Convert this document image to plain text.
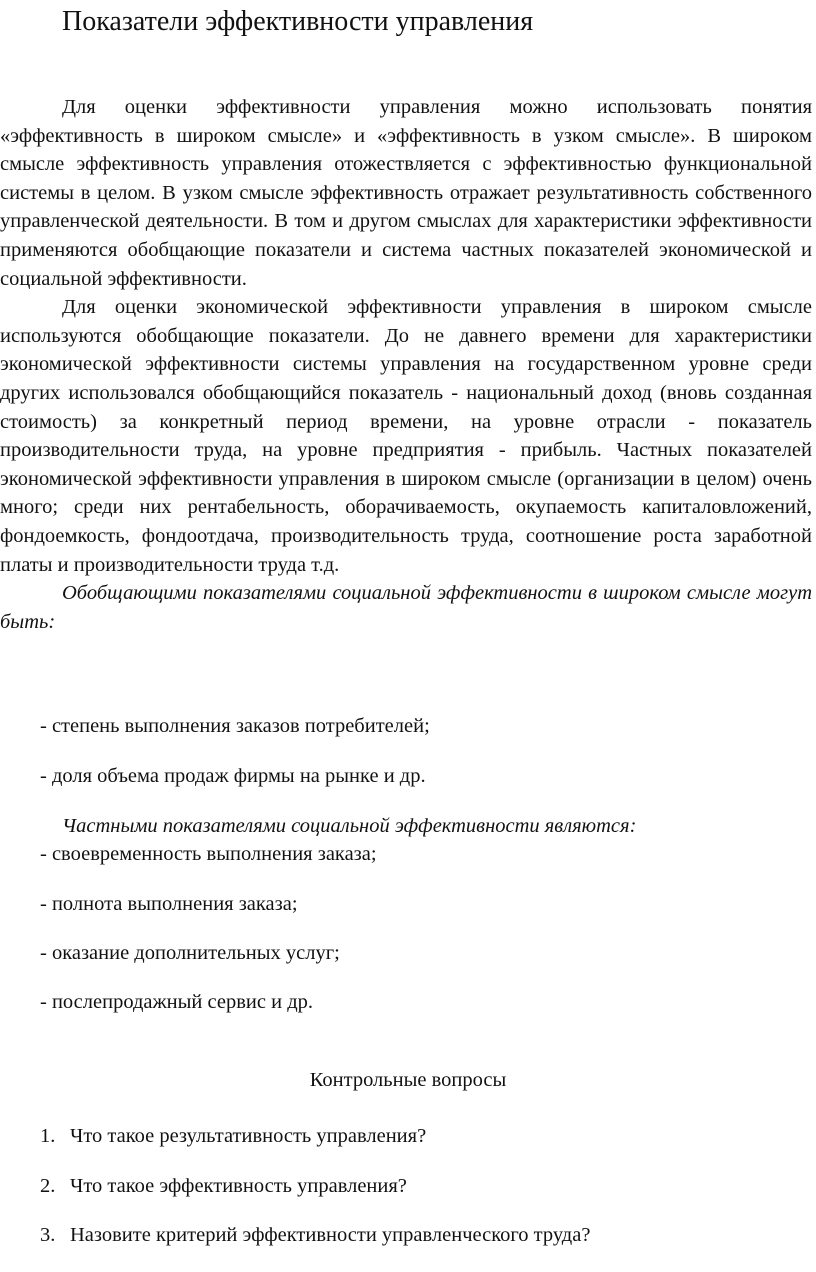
Показатели эффективности управления

Для оценки эффективности управления можно использовать понятия «эффективность в широком смысле» и «эффективность в узком смысле». В широком смысле эффективность управления отожествляется с эффективностью функциональной системы в целом. В узком смысле эффективность отражает результативность собственного управленческой деятельности. В том и другом смыслах для характеристики эффективности применяются обобщающие показатели и система частных показателей экономической и социальной эффективности.

Для оценки экономической эффективности управления в широком смысле используются обобщающие показатели. До не давнего времени для характеристики экономической эффективности системы управления на государственном уровне среди других использовался обобщающийся показатель - национальный доход (вновь созданная стоимость) за конкретный период времени, на уровне отрасли - показатель производительности труда, на уровне предприятия - прибыль. Частных показателей экономической эффективности управления в широком смысле (организации в целом) очень много; среди них рентабельность, оборачиваемость, окупаемость капиталовложений, фондоемкость, фондоотдача, производительность труда, соотношение роста заработной платы и производительности труда т.д.

Обобщающими показателями социальной эффективности в широком смысле могут быть:

- степень выполнения заказов потребителей;
- доля объема продаж фирмы на рынке и др.
Частными показателями социальной эффективности являются:
- своевременность выполнения заказа;
- полнота выполнения заказа;
- оказание дополнительных услуг;
- послепродажный сервис и др.
Контрольные вопросы
1. Что такое результативность управления?
2. Что такое эффективность управления?
3. Назовите критерий эффективности управленческого труда?
